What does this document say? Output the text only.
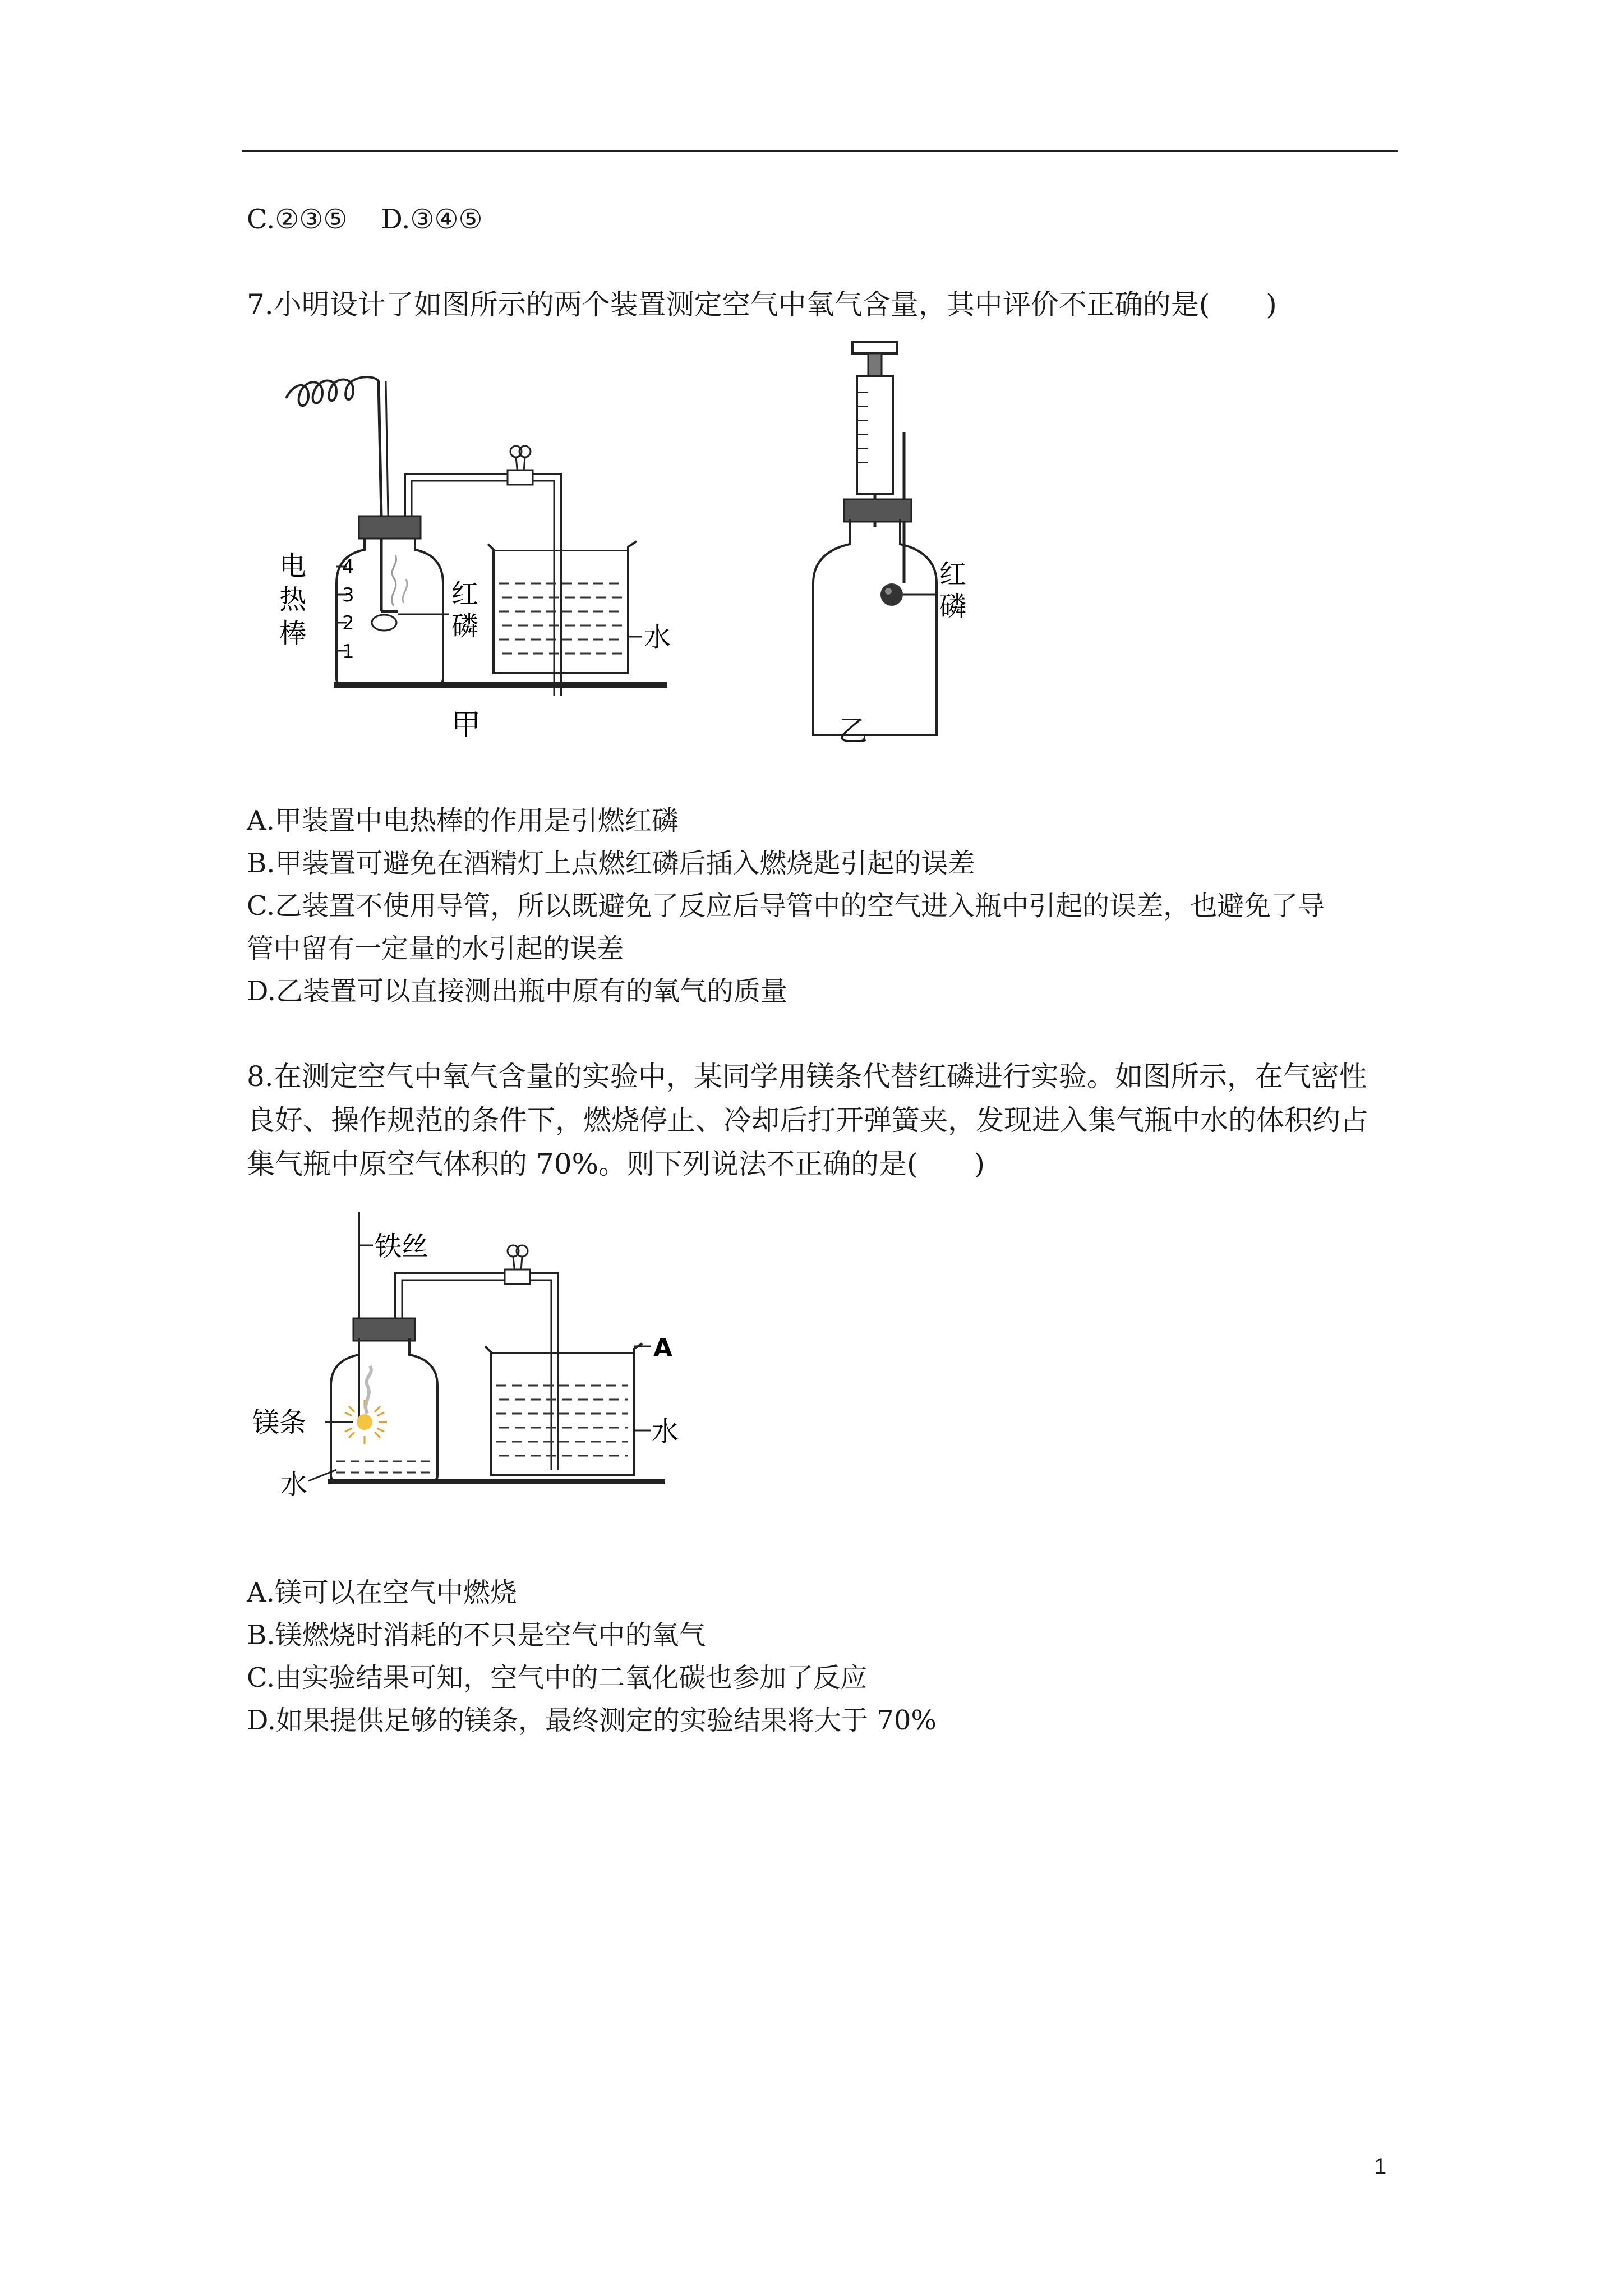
C.②③⑤ D.③④⑤
7.小明设计了如图所示的两个装置测定空气中氧气含量，其中评价不正确的是(　　)
4
3
2
1
电
热
棒
红
磷	水
甲
红
磷
乙
A.甲装置中电热棒的作用是引燃红磷
B.甲装置可避免在酒精灯上点燃红磷后插入燃烧匙引起的误差
C.乙装置不使用导管，所以既避免了反应后导管中的空气进入瓶中引起的误差，也避免了导
管中留有一定量的水引起的误差
D.乙装置可以直接测出瓶中原有的氧气的质量
8.在测定空气中氧气含量的实验中，某同学用镁条代替红磷进行实验。如图所示，在气密性
良好、操作规范的条件下，燃烧停止、冷却后打开弹簧夹，发现进入集气瓶中水的体积约占
集气瓶中原空气体积的 70%。则下列说法不正确的是(　　)
铁丝
镁条
水
A
水
A.镁可以在空气中燃烧
B.镁燃烧时消耗的不只是空气中的氧气
C.由实验结果可知，空气中的二氧化碳也参加了反应
D.如果提供足够的镁条，最终测定的实验结果将大于 70%
1
